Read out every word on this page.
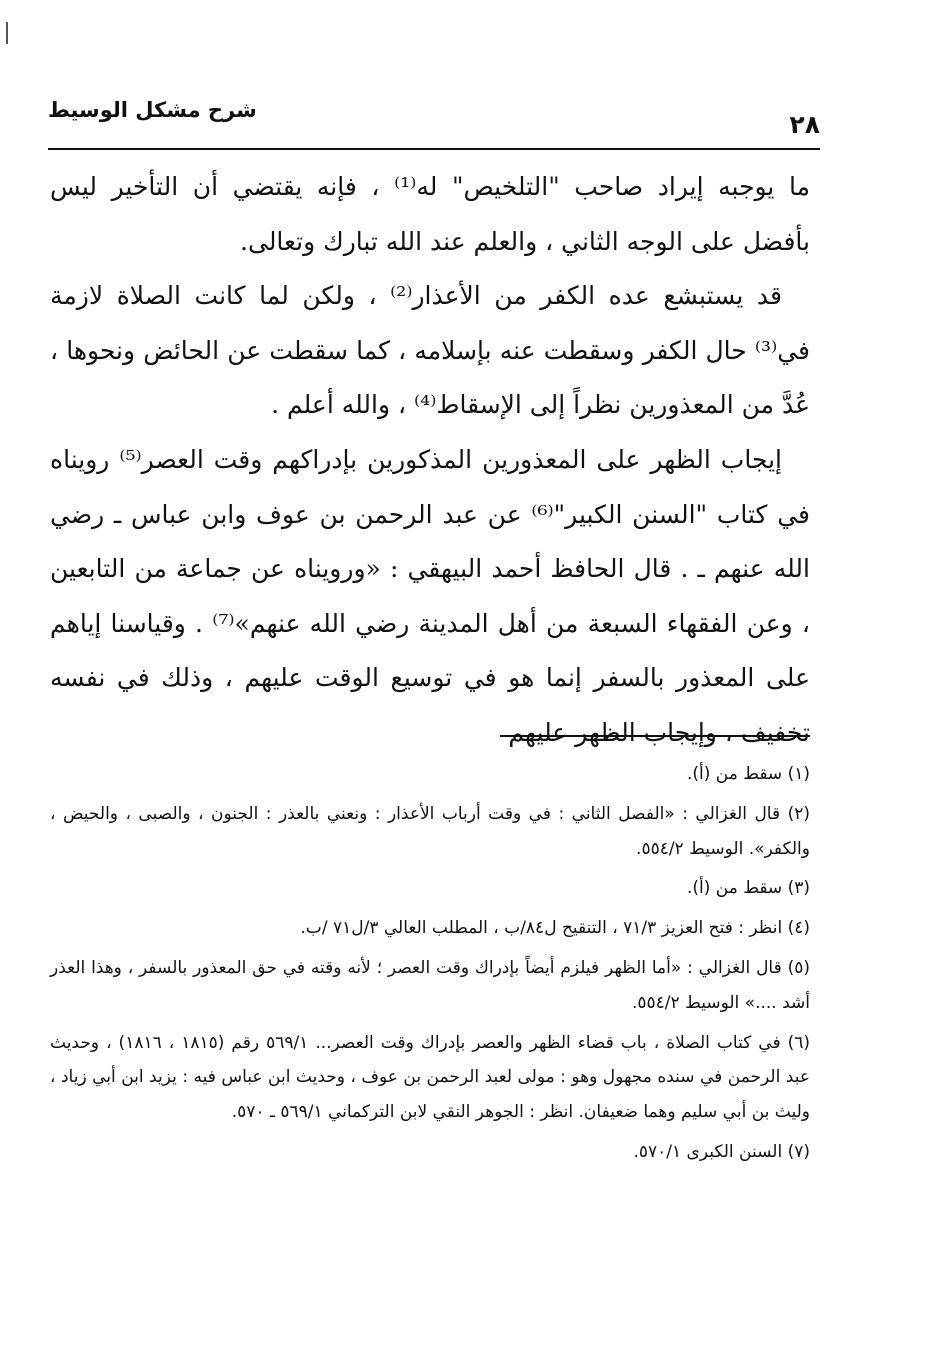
٢٨
شرح مشكل الوسيط

ما يوجبه إيراد صاحب "التلخيص" له⁽¹⁾ ، فإنه يقتضي أن التأخير ليس بأفضل على الوجه الثاني ، والعلم عند الله تبارك وتعالى.

قد يستبشع عده الكفر من الأعذار⁽²⁾ ، ولكن لما كانت الصلاة لازمة في⁽³⁾ حال الكفر وسقطت عنه بإسلامه ، كما سقطت عن الحائض ونحوها ، عُدَّ من المعذورين نظراً إلى الإسقاط⁽⁴⁾ ، والله أعلم .

إيجاب الظهر على المعذورين المذكورين بإدراكهم وقت العصر⁽⁵⁾ رويناه في كتاب "السنن الكبير"⁽⁶⁾ عن عبد الرحمن بن عوف وابن عباس ـ رضي الله عنهم ـ . قال الحافظ أحمد البيهقي : «ورويناه عن جماعة من التابعين ، وعن الفقهاء السبعة من أهل المدينة رضي الله عنهم»⁽⁷⁾ . وقياسنا إياهم على المعذور بالسفر إنما هو في توسيع الوقت عليهم ، وذلك في نفسه تخفيف ، وإيجاب الظهر عليهم

(١) سقط من (أ).

(٢) قال الغزالي : «الفصل الثاني : في وقت أرباب الأعذار : ونعني بالعذر : الجنون ، والصبى ، والحيض ، والكفر». الوسيط ٥٥٤/٢.

(٣) سقط من (أ).

(٤) انظر : فتح العزيز ٧١/٣ ، التنقيح ل٨٤/ب ، المطلب العالي ٣/ل٧١ /ب.

(٥) قال الغزالي : «أما الظهر فيلزم أيضاً بإدراك وقت العصر ؛ لأنه وقته في حق المعذور بالسفر ، وهذا العذر أشد ....» الوسيط ٥٥٤/٢.

(٦) في كتاب الصلاة ، باب قضاء الظهر والعصر بإدراك وقت العصر... ٥٦٩/١ رقم (١٨١٥ ، ١٨١٦) ، وحديث عبد الرحمن في سنده مجهول وهو : مولى لعبد الرحمن بن عوف ، وحديث ابن عباس فيه : يزيد ابن أبي زياد ، وليث بن أبي سليم وهما ضعيفان. انظر : الجوهر النقي لابن التركماني ٥٦٩/١ ـ ٥٧٠.

(٧) السنن الكبرى ٥٧٠/١.
